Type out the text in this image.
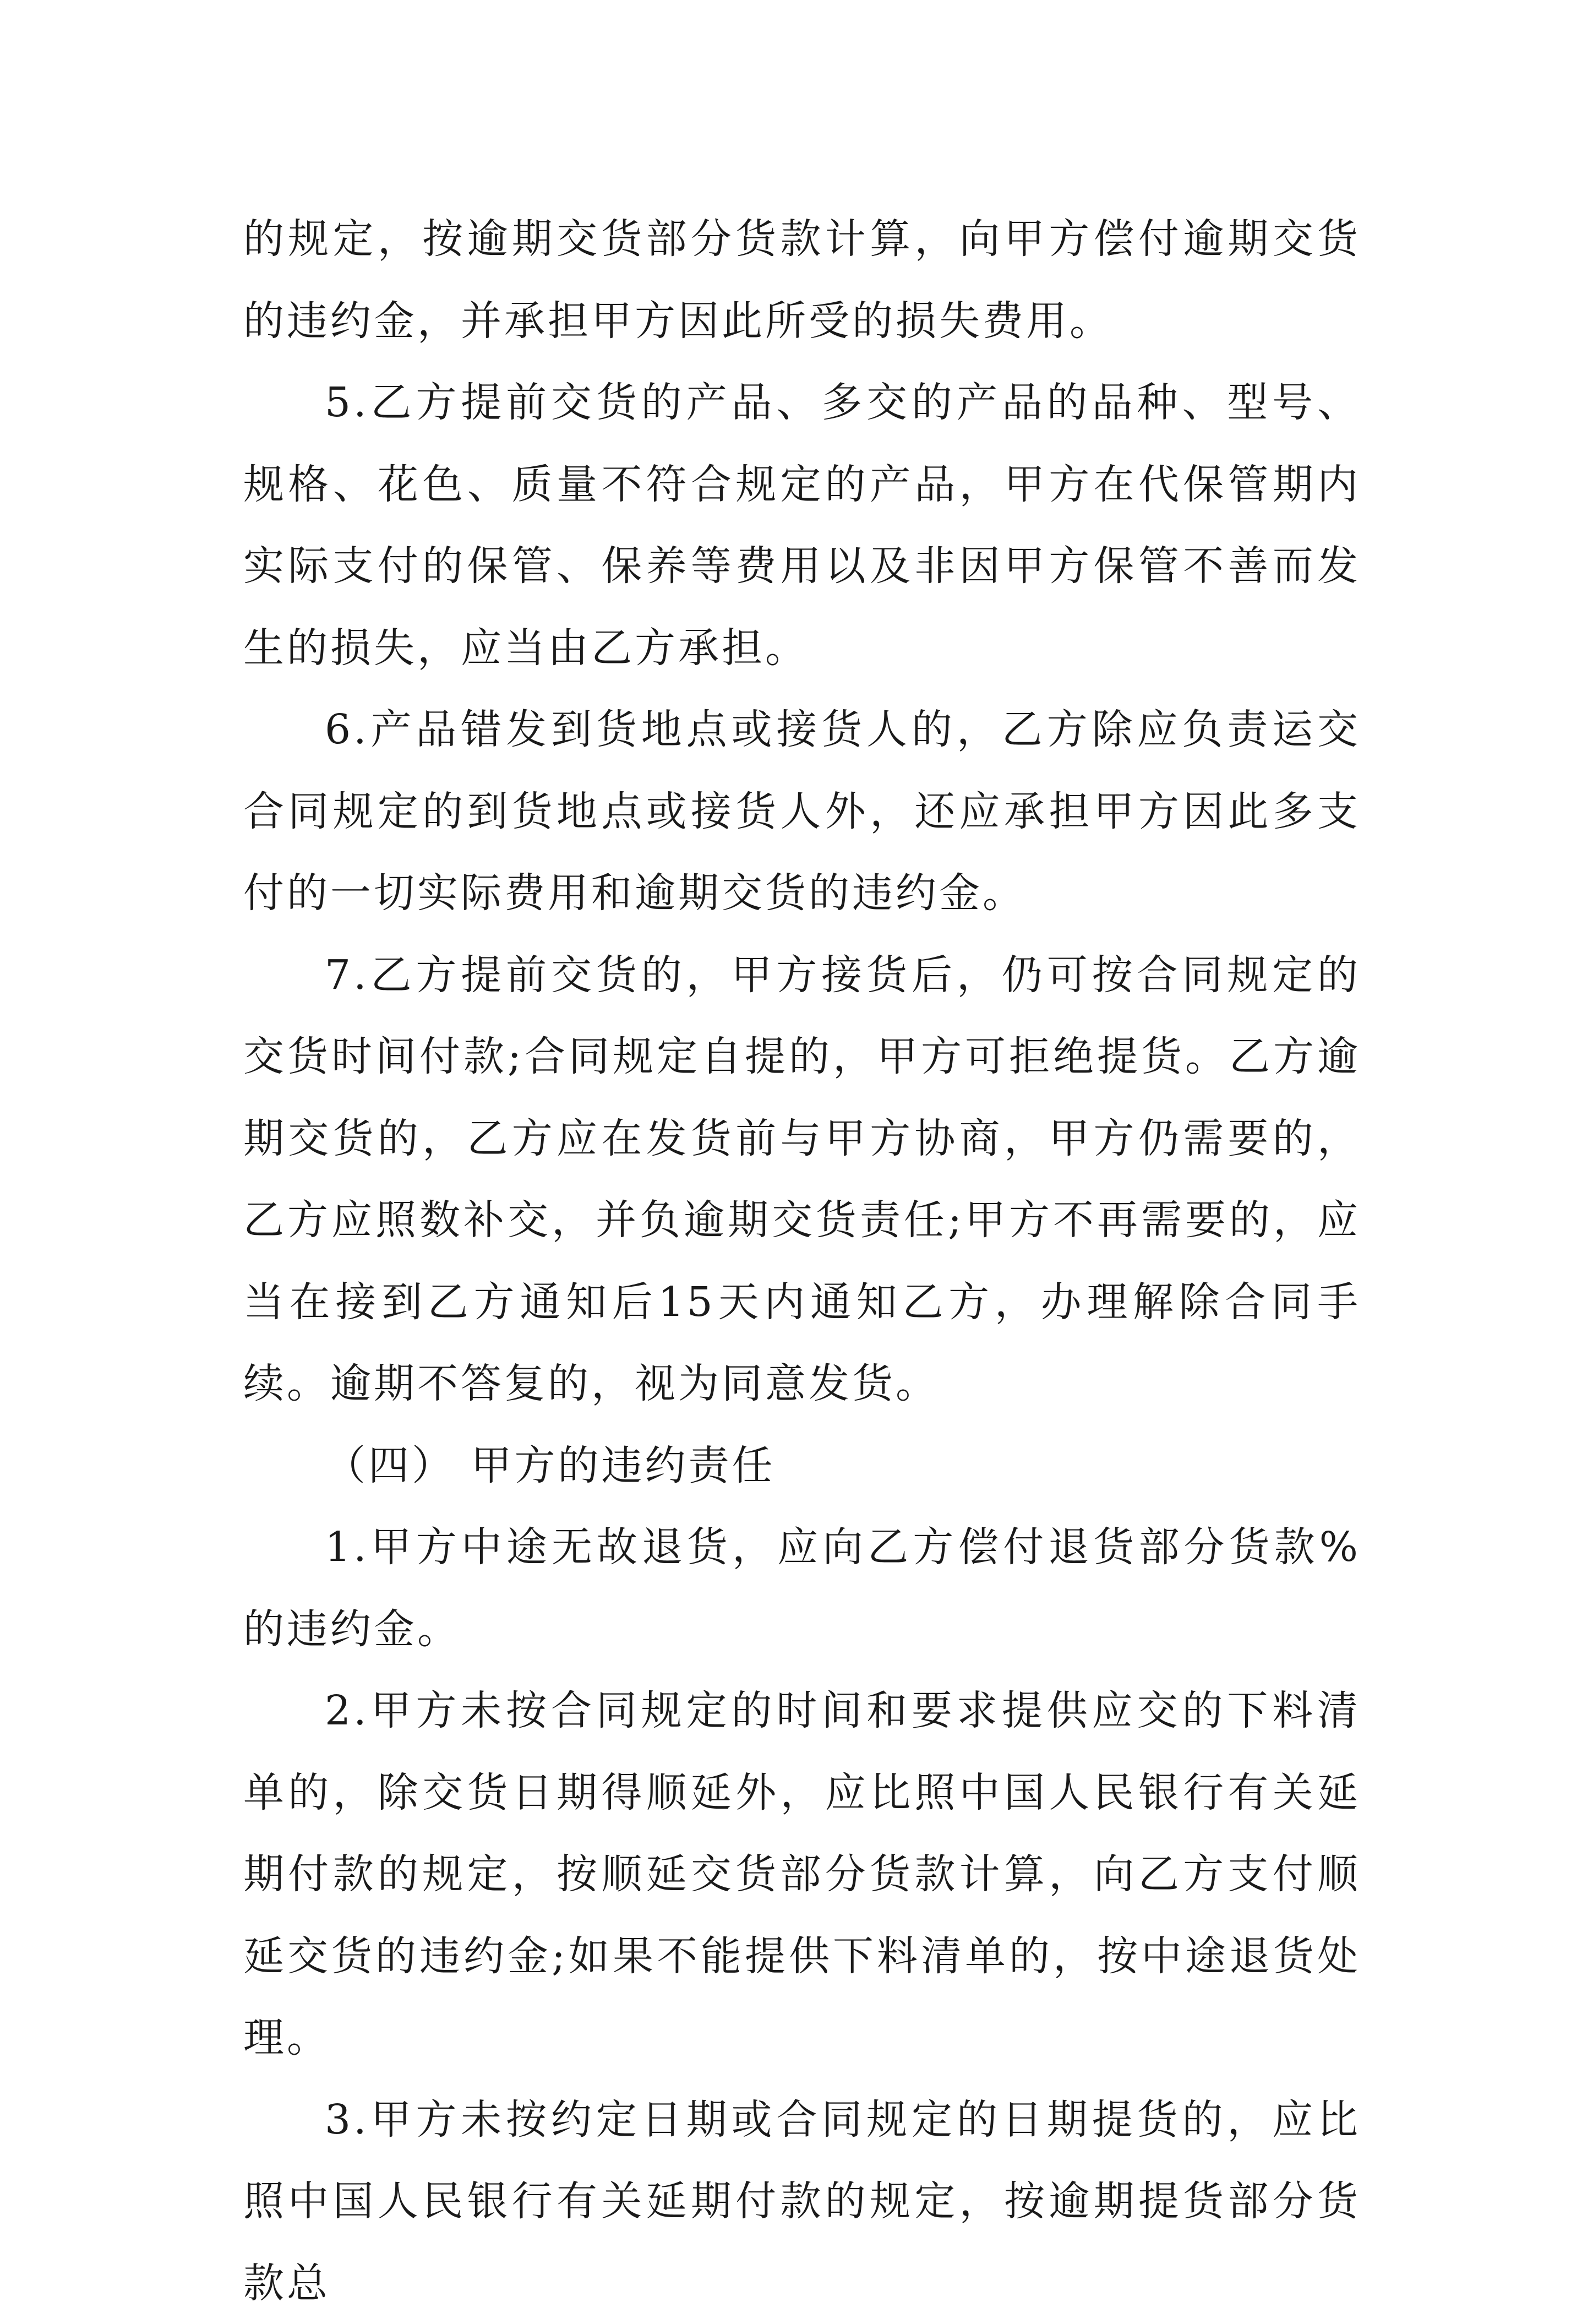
的规定，按逾期交货部分货款计算，向甲方偿付逾期交货的违约金，并承担甲方因此所受的损失费用。

5.乙方提前交货的产品、多交的产品的品种、型号、规格、花色、质量不符合规定的产品，甲方在代保管期内实际支付的保管、保养等费用以及非因甲方保管不善而发生的损失，应当由乙方承担。

6.产品错发到货地点或接货人的，乙方除应负责运交合同规定的到货地点或接货人外，还应承担甲方因此多支付的一切实际费用和逾期交货的违约金。

7.乙方提前交货的，甲方接货后，仍可按合同规定的交货时间付款;合同规定自提的，甲方可拒绝提货。乙方逾期交货的，乙方应在发货前与甲方协商，甲方仍需要的，乙方应照数补交，并负逾期交货责任;甲方不再需要的，应当在接到乙方通知后15天内通知乙方，办理解除合同手续。逾期不答复的，视为同意发货。

（四） 甲方的违约责任

1.甲方中途无故退货，应向乙方偿付退货部分货款%的违约金。

2.甲方未按合同规定的时间和要求提供应交的下料清单的，除交货日期得顺延外，应比照中国人民银行有关延期付款的规定，按顺延交货部分货款计算，向乙方支付顺延交货的违约金;如果不能提供下料清单的，按中途退货处理。

3.甲方未按约定日期或合同规定的日期提货的，应比照中国人民银行有关延期付款的规定，按逾期提货部分货款总
